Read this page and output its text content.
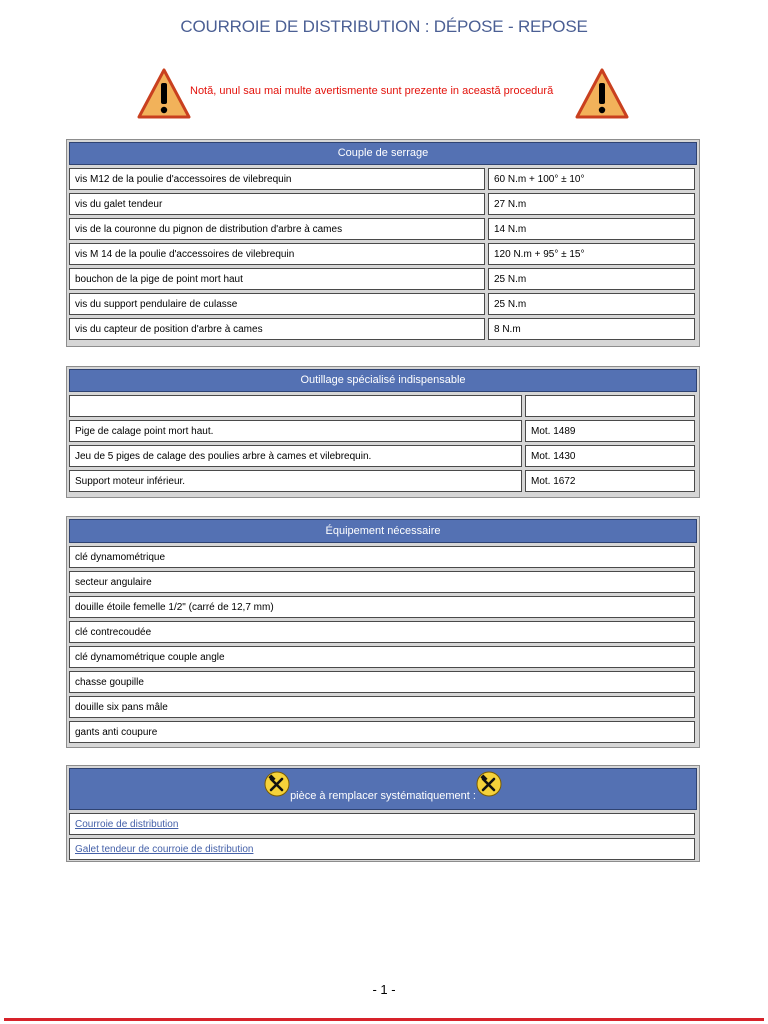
COURROIE DE DISTRIBUTION : DÉPOSE - REPOSE
Notă, unul sau mai multe avertismente sunt prezente in această procedură
Couple de serrage
vis M12 de la poulie d'accessoires de vilebrequin	60 N.m + 100° ± 10°
vis du galet tendeur	27 N.m
vis de la couronne du pignon de distribution d'arbre à cames	14 N.m
vis M 14 de la poulie d'accessoires de vilebrequin	120 N.m + 95° ± 15°
bouchon de la pige de point mort haut	25 N.m
vis du support pendulaire de culasse	25 N.m
vis du capteur de position d'arbre à cames	8 N.m
Outillage spécialisé indispensable
Pige de calage point mort haut.	Mot. 1489
Jeu de 5 piges de calage des poulies arbre à cames et vilebrequin.	Mot. 1430
Support moteur inférieur.	Mot. 1672
Équipement nécessaire
clé dynamométrique
secteur angulaire
douille étoile femelle 1/2" (carré de 12,7 mm)
clé contrecoudée
clé dynamométrique couple angle
chasse goupille
douille six pans mâle
gants anti coupure
pièce à remplacer systématiquement :
Courroie de distribution
Galet tendeur de courroie de distribution
- 1 -
